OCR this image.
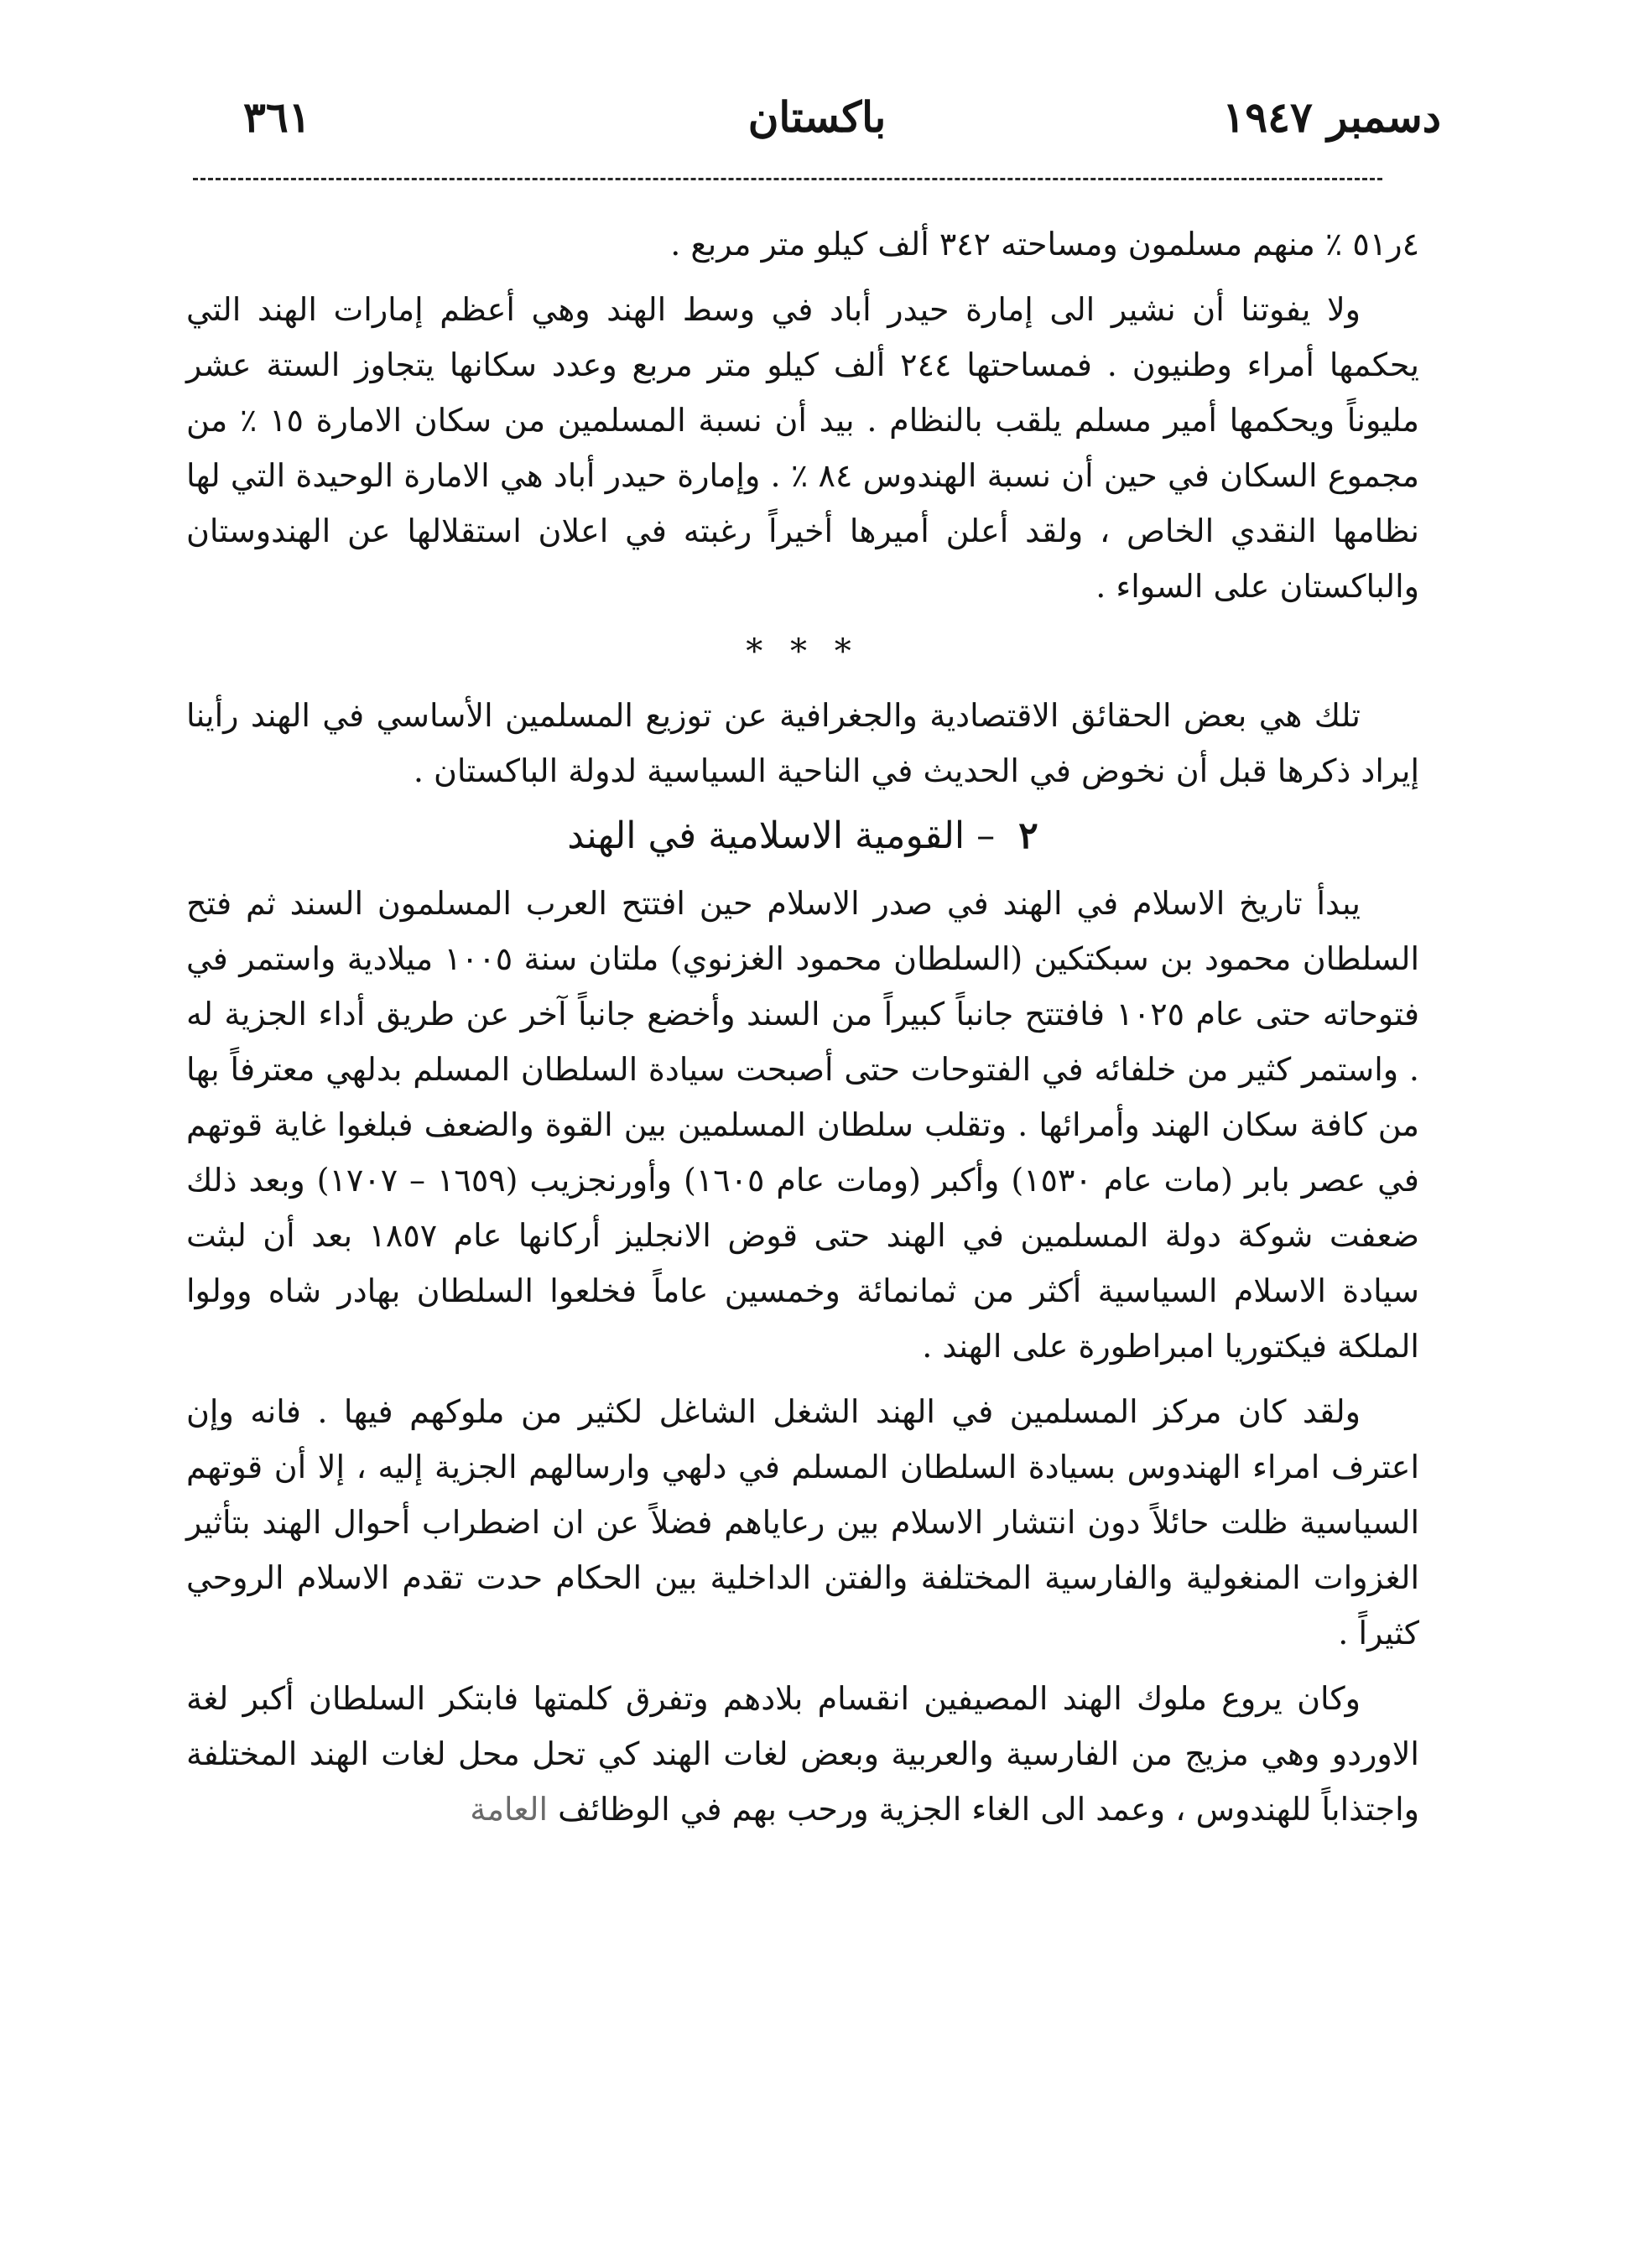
دسمبر ١٩٤٧
باكستان
٣٦١

٤ر٥١ ٪ منهم مسلمون ومساحته ٣٤٢ ألف كيلو متر مربع .

ولا يفوتنا أن نشير الى إمارة حيدر أباد في وسط الهند وهي أعظم إمارات الهند التي يحكمها أمراء وطنيون . فمساحتها ٢٤٤ ألف كيلو متر مربع وعدد سكانها يتجاوز الستة عشر مليوناً ويحكمها أمير مسلم يلقب بالنظام . بيد أن نسبة المسلمين من سكان الامارة ١٥ ٪ من مجموع السكان في حين أن نسبة الهندوس ٨٤ ٪ . وإمارة حيدر أباد هي الامارة الوحيدة التي لها نظامها النقدي الخاص ، ولقد أعلن أميرها أخيراً رغبته في اعلان استقلالها عن الهندوستان والباكستان على السواء .

* * *

تلك هي بعض الحقائق الاقتصادية والجغرافية عن توزيع المسلمين الأساسي في الهند رأينا إيراد ذكرها قبل أن نخوض في الحديث في الناحية السياسية لدولة الباكستان .

٢ – القومية الاسلامية في الهند

يبدأ تاريخ الاسلام في الهند في صدر الاسلام حين افتتح العرب المسلمون السند ثم فتح السلطان محمود بن سبكتكين (السلطان محمود الغزنوي) ملتان سنة ١٠٠٥ ميلادية واستمر في فتوحاته حتى عام ١٠٢٥ فافتتح جانباً كبيراً من السند وأخضع جانباً آخر عن طريق أداء الجزية له . واستمر كثير من خلفائه في الفتوحات حتى أصبحت سيادة السلطان المسلم بدلهي معترفاً بها من كافة سكان الهند وأمرائها . وتقلب سلطان المسلمين بين القوة والضعف فبلغوا غاية قوتهم في عصر بابر (مات عام ١٥٣٠) وأكبر (ومات عام ١٦٠٥) وأورنجزيب (١٦٥٩ – ١٧٠٧) وبعد ذلك ضعفت شوكة دولة المسلمين في الهند حتى قوض الانجليز أركانها عام ١٨٥٧ بعد أن لبثت سيادة الاسلام السياسية أكثر من ثمانمائة وخمسين عاماً فخلعوا السلطان بهادر شاه وولوا الملكة فيكتوريا امبراطورة على الهند .

ولقد كان مركز المسلمين في الهند الشغل الشاغل لكثير من ملوكهم فيها . فانه وإن اعترف امراء الهندوس بسيادة السلطان المسلم في دلهي وارسالهم الجزية إليه ، إلا أن قوتهم السياسية ظلت حائلاً دون انتشار الاسلام بين رعاياهم فضلاً عن ان اضطراب أحوال الهند بتأثير الغزوات المنغولية والفارسية المختلفة والفتن الداخلية بين الحكام حدت تقدم الاسلام الروحي كثيراً .

وكان يروع ملوك الهند المصيفين انقسام بلادهم وتفرق كلمتها فابتكر السلطان أكبر لغة الاوردو وهي مزيج من الفارسية والعربية وبعض لغات الهند كي تحل محل لغات الهند المختلفة واجتذاباً للهندوس ، وعمد الى الغاء الجزية ورحب بهم في الوظائف العامة
